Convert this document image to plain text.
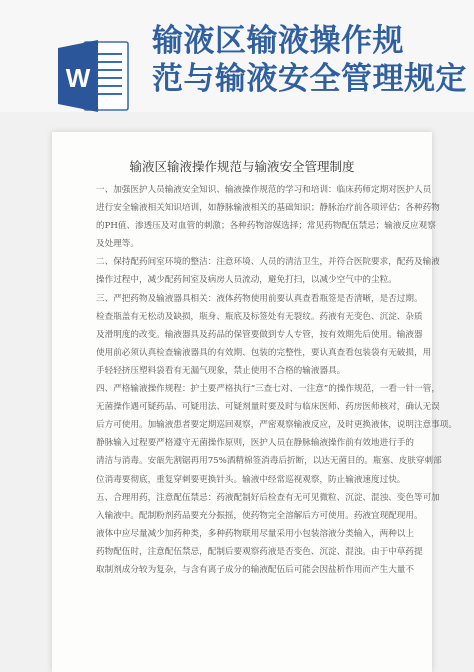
W
输液区输液操作规
范与输液安全管理规定
输液区输液操作规范与输液安全管理制度
一、加强医护人员输液安全知识、输液操作规范的学习和培训：临床药师定期对医护人员
进行安全输液相关知识培训，如静脉输液相关的基础知识；静脉治疗前各项评估；各种药物
的PH值、渗透压及对血管的刺激；各种药物溶媒选择；常见药物配伍禁忌；输液反应观察
及处理等。
二、保持配药间室环境的整洁：注意环境、人员的清洁卫生，并符合医院要求，配药及输液
操作过程中，减少配药间室及病房人员流动，避免打扫，以减少空气中的尘粒。
三、严把药物及输液器具相关：液体药物使用前要认真查看瓶签是否清晰，是否过期。
检查瓶盖有无松动及缺损，瓶身、瓶底及标签处有无裂纹。药液有无变色、沉淀、杂质
及滑明度的改变。输液器具及药品的保管要做到专人专管，按有效期先后使用。输液器
使用前必须认真检查输液器具的有效期、包装的完整性，要认真查看包装袋有无破损，用
手轻轻挤压塑料袋看有无漏气现象，禁止使用不合格的输液器具。
四、严格输液操作规程：护士要严格执行“三查七对、一注意”的操作规范，一看一针一管，
无菌操作遇可疑药品、可疑用法、可疑剂量时要及时与临床医师、药房医师核对，确认无误
后方可使用。加输液患者要定期巡回观察，严密观察输液反应，及时更换液体，说明注意事项。
静脉输入过程要严格遵守无菌操作原则，医护人员在静脉输液操作前有效地进行手的
清洁与消毒。安瓿先割锯再用75%酒精棉签消毒后折断，以达无菌目的。瓶塞、皮肤穿刺部
位消毒要彻底，重复穿刺要更换针头。输液中经常巡视观察，防止输液速度过快。
五、合理用药，注意配伍禁忌：药液配制好后检查有无可见微粒、沉淀、混浊、变色等可加
入输液中。配制粉剂药品要充分振摇，使药物完全溶解后方可使用。药液宜现配现用。
液体中应尽量减少加药种类，多种药物联用尽量采用小包装溶液分类输入，两种以上
药物配伍时，注意配伍禁忌，配制后要观察药液是否变色、沉淀、混浊。由于中草药提
取制剂成分较为复杂，与含有离子成分的输液配伍后可能会因盐析作用而产生大量不
